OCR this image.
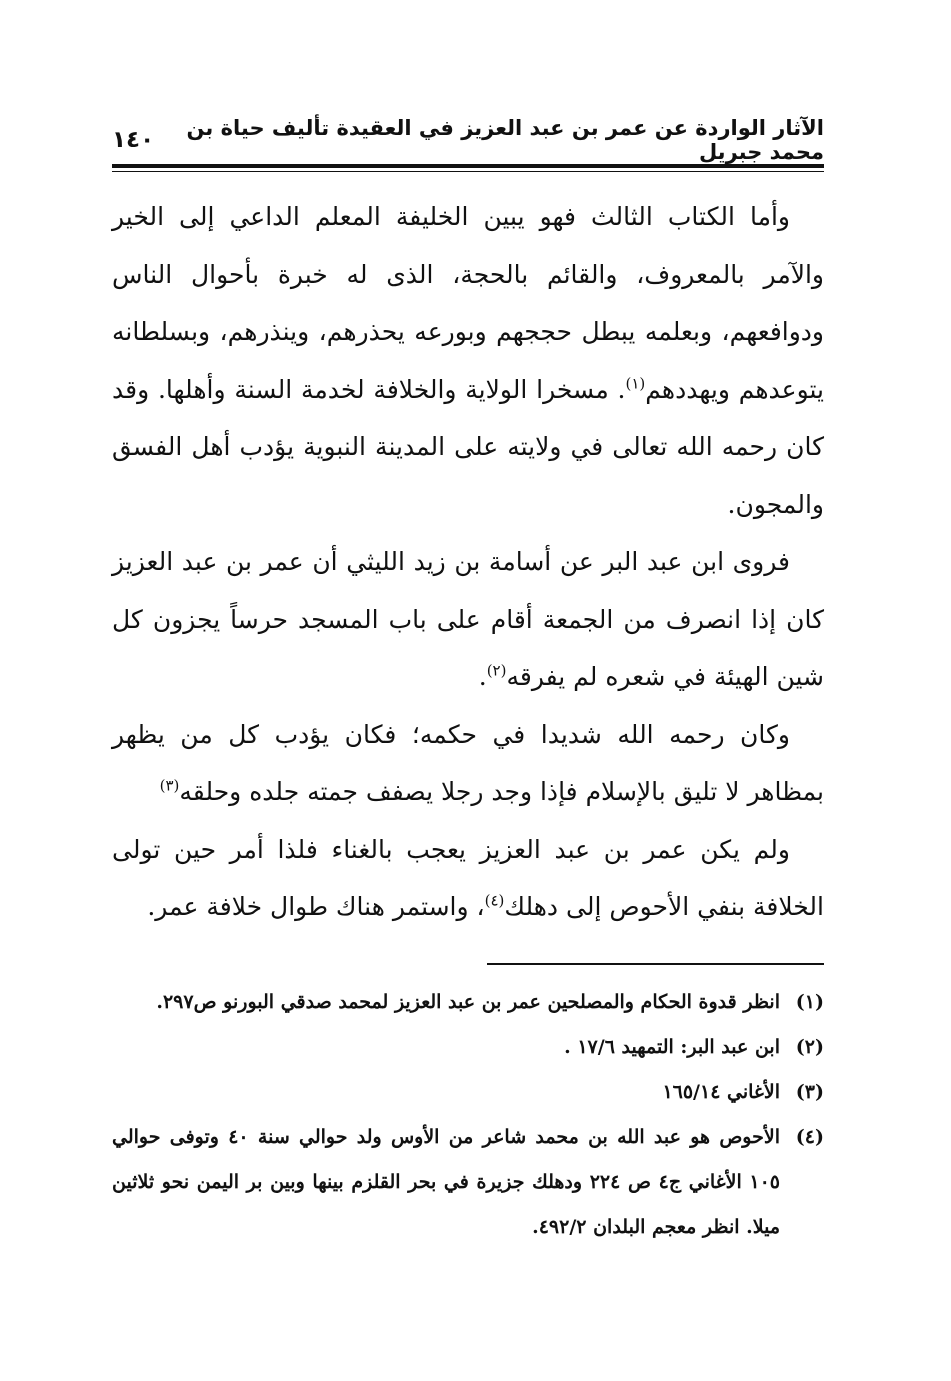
الآثار الواردة عن عمر بن عبد العزيز في العقيدة تأليف حياة بن محمد جبريل
١٤٠

وأما الكتاب الثالث فهو يبين الخليفة المعلم الداعي إلى الخير والآمر بالمعروف، والقائم بالحجة، الذى له خبرة بأحوال الناس ودوافعهم، وبعلمه يبطل حججهم وبورعه يحذرهم، وينذرهم، وبسلطانه يتوعدهم ويهددهم$^{(١)}$. مسخرا الولاية والخلافة لخدمة السنة وأهلها. وقد كان رحمه الله تعالى في ولايته على المدينة النبوية يؤدب أهل الفسق والمجون.

فروى ابن عبد البر عن أسامة بن زيد الليثي أن عمر بن عبد العزيز كان إذا انصرف من الجمعة أقام على باب المسجد حرساً يجزون كل شين الهيئة في شعره لم يفرقه$^{(٢)}$.

وكان رحمه الله شديدا في حكمه؛ فكان يؤدب كل من يظهر بمظاهر لا تليق بالإسلام فإذا وجد رجلا يصفف جمته جلده وحلقه$^{(٣)}$

ولم يكن عمر بن عبد العزيز يعجب بالغناء فلذا أمر حين تولى الخلافة بنفي الأحوص إلى دهلك$^{(٤)}$، واستمر هناك طوال خلافة عمر.

(١)
انظر قدوة الحكام والمصلحين عمر بن عبد العزيز لمحمد صدقي البورنو ص٢٩٧.
(٢)
ابن عبد البر: التمهيد ١٧/٦ .
(٣)
الأغاني ١٦٥/١٤
(٤)
الأحوص هو عبد الله بن محمد شاعر من الأوس ولد حوالي سنة ٤٠ وتوفى حوالي ١٠٥ الأغاني ج٤ ص ٢٢٤ ودهلك جزيرة في بحر القلزم بينها وبين بر اليمن نحو ثلاثين ميلا. انظر معجم البلدان ٤٩٢/٢.
